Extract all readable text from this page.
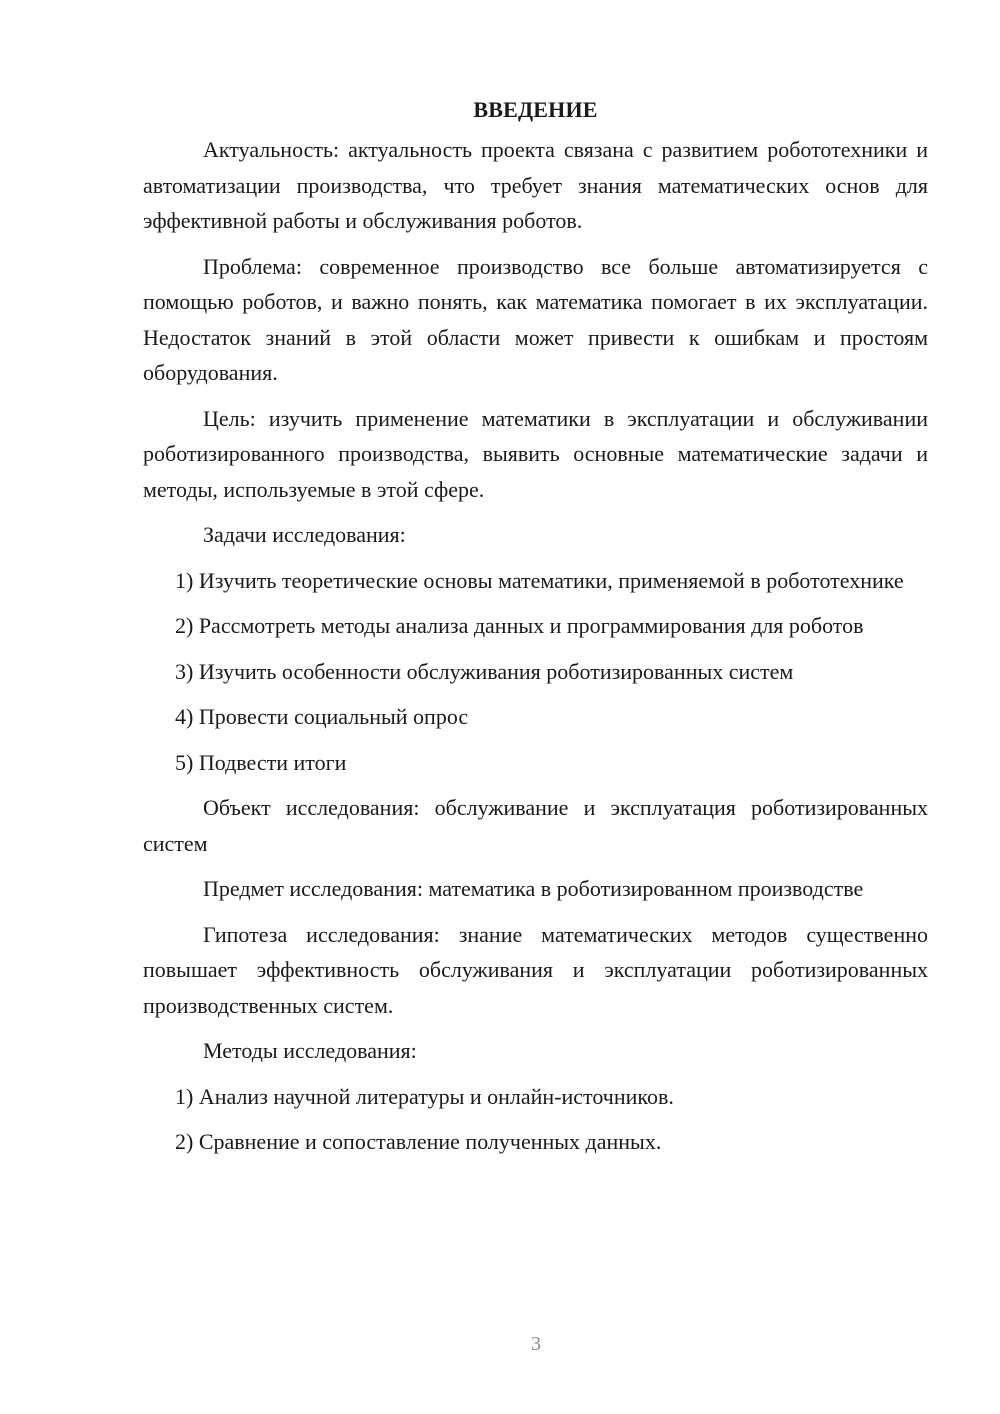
ВВЕДЕНИЕ

Актуальность: актуальность проекта связана с развитием робототехники и автоматизации производства, что требует знания математических основ для эффективной работы и обслуживания роботов.

Проблема: современное производство все больше автоматизируется с помощью роботов, и важно понять, как математика помогает в их эксплуатации. Недостаток знаний в этой области может привести к ошибкам и простоям оборудования.

Цель: изучить применение математики в эксплуатации и обслуживании роботизированного производства, выявить основные математические задачи и методы, используемые в этой сфере.

Задачи исследования:

1) Изучить теоретические основы математики, применяемой в робототехнике

2) Рассмотреть методы анализа данных и программирования для роботов

3) Изучить особенности обслуживания роботизированных систем

4) Провести социальный опрос

5) Подвести итоги

Объект исследования: обслуживание и эксплуатация роботизированных систем

Предмет исследования: математика в роботизированном производстве

Гипотеза исследования: знание математических методов существенно повышает эффективность обслуживания и эксплуатации роботизированных производственных систем.

Методы исследования:

1) Анализ научной литературы и онлайн-источников.

2) Сравнение и сопоставление полученных данных.

3
